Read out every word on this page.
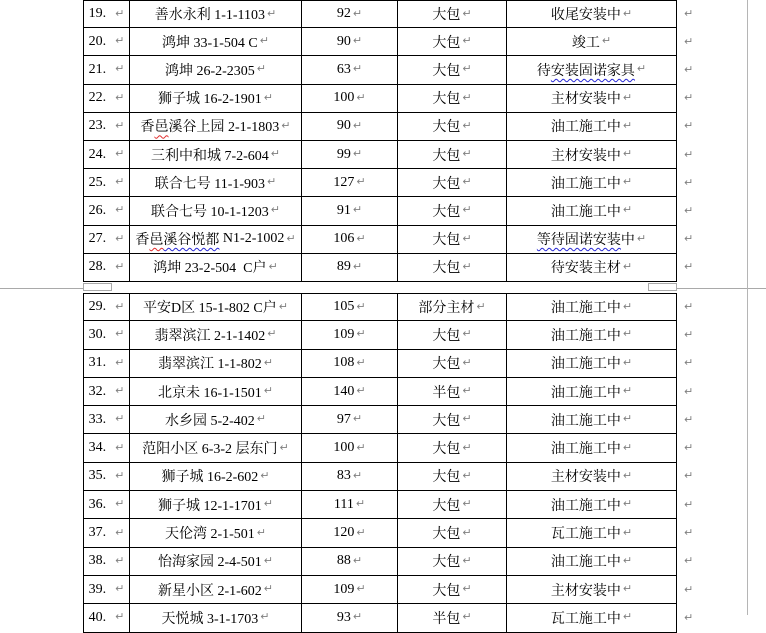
19. ↵ 善水永利 1-1-1103 ↵	92 ↵	大包 ↵	收尾安装中 ↵	↵
20. ↵	鸿坤 33-1-504 C ↵	90 ↵	大包 ↵	竣工 ↵	↵
21. ↵	鸿坤 26-2-2305 ↵	63 ↵	大包 ↵	待 安装固诺家具 ↵	↵
22. ↵ 狮子城 16-2-1901 ↵	100 ↵	大包 ↵	主材安装中 ↵	↵
23. ↵ 香 邑 溪谷上园 2-1-1803 ↵	90 ↵	大包 ↵	油工施工中 ↵	↵
24. ↵ 三利中和城 7-2-604 ↵	99 ↵	大包 ↵	主材安装中 ↵	↵
25. ↵ 联合七号 11-1-903 ↵	127 ↵	大包 ↵	油工施工中 ↵	↵
26. ↵ 联合七号 10-1-1203 ↵	91 ↵	大包 ↵	油工施工中 ↵	↵
27. ↵ 香 邑 溪谷悦都 N1-2-1002 ↵	106 ↵	大包 ↵	等待固诺安装 中 ↵	↵
28. ↵ 鸿坤 23-2-504  C户 ↵	89 ↵	大包 ↵	待安装主材 ↵	↵
29. ↵ 平安D区 15-1-802 C户 ↵	105 ↵	部分主材 ↵	油工施工中 ↵	↵
30. ↵ 翡翠滨江 2-1-1402 ↵	109 ↵	大包 ↵	油工施工中 ↵	↵
31. ↵ 翡翠滨江 1-1-802 ↵	108 ↵	大包 ↵	油工施工中 ↵	↵
32. ↵ 北京未 16-1-1501 ↵	140 ↵	半包 ↵	油工施工中 ↵	↵
33. ↵	水乡园 5-2-402 ↵	97 ↵	大包 ↵	油工施工中 ↵	↵
34. ↵ 范阳小区 6-3-2 层东门 ↵	100 ↵	大包 ↵	油工施工中 ↵	↵
35. ↵	狮子城 16-2-602 ↵	83 ↵	大包 ↵	主材安装中 ↵	↵
36. ↵ 狮子城 12-1-1701 ↵	111 ↵	大包 ↵	油工施工中 ↵	↵
37. ↵	天伦湾 2-1-501 ↵	120 ↵	大包 ↵	瓦工施工中 ↵	↵
38. ↵ 怡海家园 2-4-501 ↵	88 ↵	大包 ↵	油工施工中 ↵	↵
39. ↵ 新星小区 2-1-602 ↵	109 ↵	大包 ↵	主材安装中 ↵	↵
40. ↵	天悦城 3-1-1703 ↵	93 ↵	半包 ↵	瓦工施工中 ↵	↵
